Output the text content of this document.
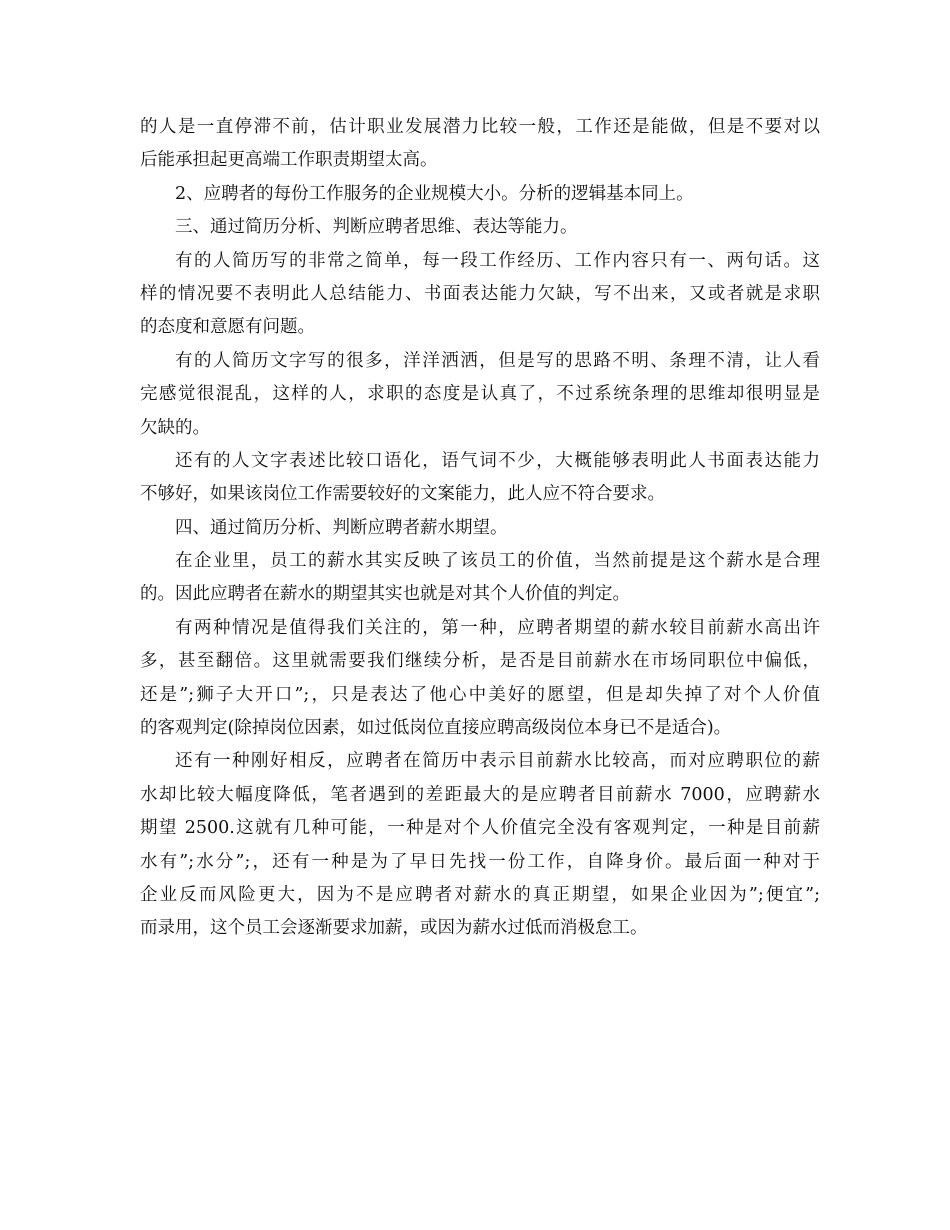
的人是一直停滞不前，估计职业发展潜力比较一般，工作还是能做，但是不要对以
后能承担起更高端工作职责期望太高。
2、应聘者的每份工作服务的企业规模大小。分析的逻辑基本同上。
三、通过简历分析、判断应聘者思维、表达等能力。
有的人简历写的非常之简单，每一段工作经历、工作内容只有一、两句话。这
样的情况要不表明此人总结能力、书面表达能力欠缺，写不出来，又或者就是求职
的态度和意愿有问题。
有的人简历文字写的很多，洋洋洒洒，但是写的思路不明、条理不清，让人看
完感觉很混乱，这样的人，求职的态度是认真了，不过系统条理的思维却很明显是
欠缺的。
还有的人文字表述比较口语化，语气词不少，大概能够表明此人书面表达能力
不够好，如果该岗位工作需要较好的文案能力，此人应不符合要求。
四、通过简历分析、判断应聘者薪水期望。
在企业里，员工的薪水其实反映了该员工的价值，当然前提是这个薪水是合理
的。因此应聘者在薪水的期望其实也就是对其个人价值的判定。
有两种情况是值得我们关注的，第一种，应聘者期望的薪水较目前薪水高出许
多，甚至翻倍。这里就需要我们继续分析，是否是目前薪水在市场同职位中偏低，
还是”;狮子大开口”;，只是表达了他心中美好的愿望，但是却失掉了对个人价值
的客观判定(除掉岗位因素，如过低岗位直接应聘高级岗位本身已不是适合)。
还有一种刚好相反，应聘者在简历中表示目前薪水比较高，而对应聘职位的薪
水却比较大幅度降低，笔者遇到的差距最大的是应聘者目前薪水 7000，应聘薪水
期望 2500.这就有几种可能，一种是对个人价值完全没有客观判定，一种是目前薪
水有”;水分”;，还有一种是为了早日先找一份工作，自降身价。最后面一种对于
企业反而风险更大，因为不是应聘者对薪水的真正期望，如果企业因为”;便宜”;
而录用，这个员工会逐渐要求加薪，或因为薪水过低而消极怠工。
